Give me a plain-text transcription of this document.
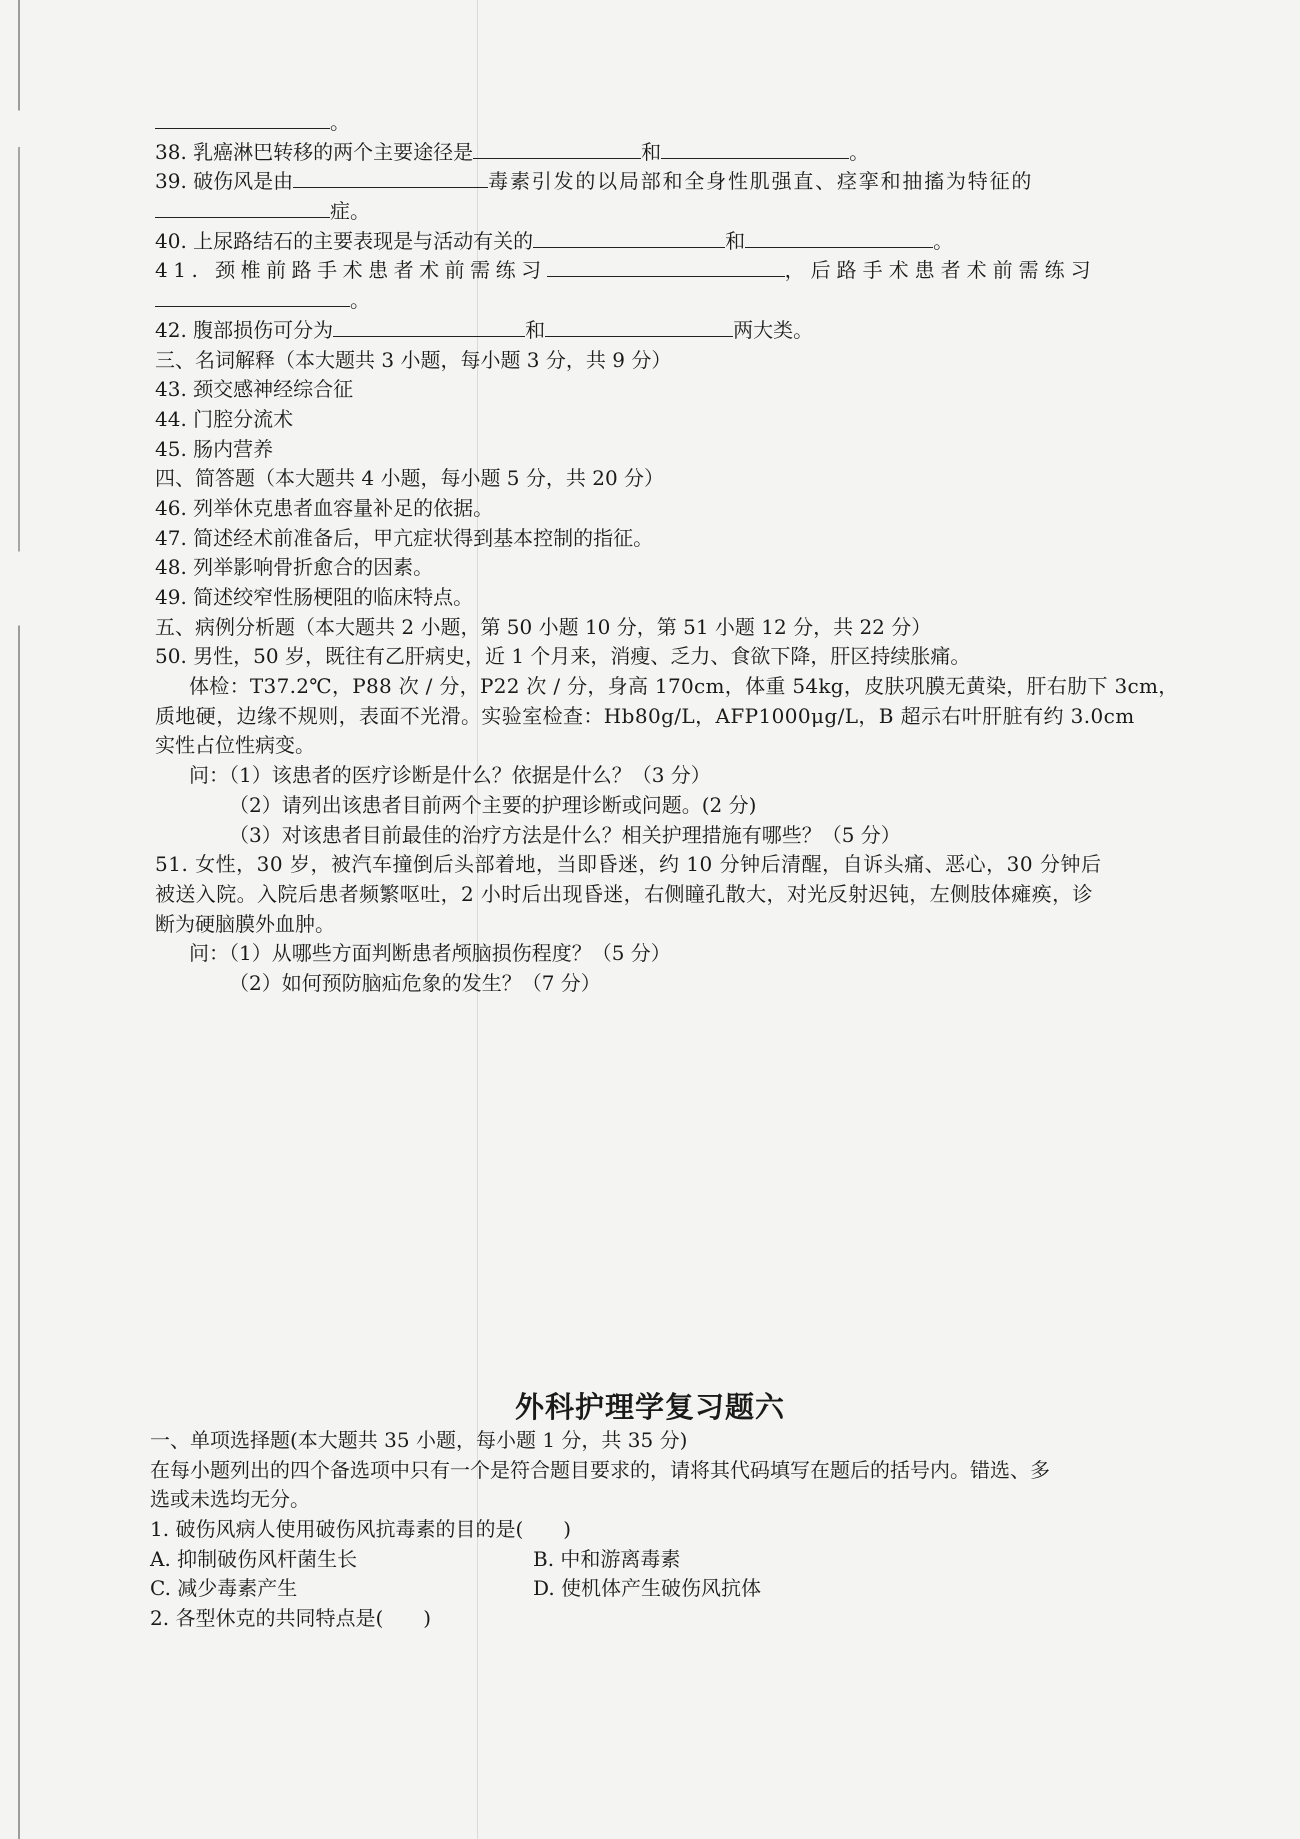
。
38. 乳癌淋巴转移的两个主要途径是	和	。
39. 破伤风是由	毒素引发的以局部和全身性肌强直、痉挛和抽搐为特征的
症。
40. 上尿路结石的主要表现是与活动有关的	和	。
41. 颈椎前路手术患者术前需练习	，后路手术患者术前需练习
。
42. 腹部损伤可分为	和	两大类。
三、名词解释（本大题共 3 小题，每小题 3 分，共 9 分）
43. 颈交感神经综合征
44. 门腔分流术
45. 肠内营养
四、简答题（本大题共 4 小题，每小题 5 分，共 20 分）
46. 列举休克患者血容量补足的依据。
47. 简述经术前准备后，甲亢症状得到基本控制的指征。
48. 列举影响骨折愈合的因素。
49. 简述绞窄性肠梗阻的临床特点。
五、病例分析题（本大题共 2 小题，第 50 小题 10 分，第 51 小题 12 分，共 22 分）
50. 男性，50 岁，既往有乙肝病史，近 1 个月来，消瘦、乏力、食欲下降，肝区持续胀痛。
体检：T37.2℃，P88 次 / 分，P22 次 / 分，身高 170cm，体重 54kg，皮肤巩膜无黄染，肝右肋下 3cm，
质地硬，边缘不规则，表面不光滑。实验室检查：Hb80g/L，AFP1000μg/L，B 超示右叶肝脏有约 3.0cm
实性占位性病变。
问：（1）该患者的医疗诊断是什么？依据是什么？（3 分）
（2）请列出该患者目前两个主要的护理诊断或问题。(2 分)
（3）对该患者目前最佳的治疗方法是什么？相关护理措施有哪些？（5 分）
51. 女性，30 岁，被汽车撞倒后头部着地，当即昏迷，约 10 分钟后清醒，自诉头痛、恶心，30 分钟后
被送入院。入院后患者频繁呕吐，2 小时后出现昏迷，右侧瞳孔散大，对光反射迟钝，左侧肢体瘫痪，诊
断为硬脑膜外血肿。
问：（1）从哪些方面判断患者颅脑损伤程度？（5 分）
（2）如何预防脑疝危象的发生？（7 分）
外科护理学复习题六
一、单项选择题(本大题共 35 小题，每小题 1 分，共 35 分)
在每小题列出的四个备选项中只有一个是符合题目要求的，请将其代码填写在题后的括号内。错选、多
选或未选均无分。
1. 破伤风病人使用破伤风抗毒素的目的是(　　)
A. 抑制破伤风杆菌生长	B. 中和游离毒素
C. 减少毒素产生	D. 使机体产生破伤风抗体
2. 各型休克的共同特点是(　　)
